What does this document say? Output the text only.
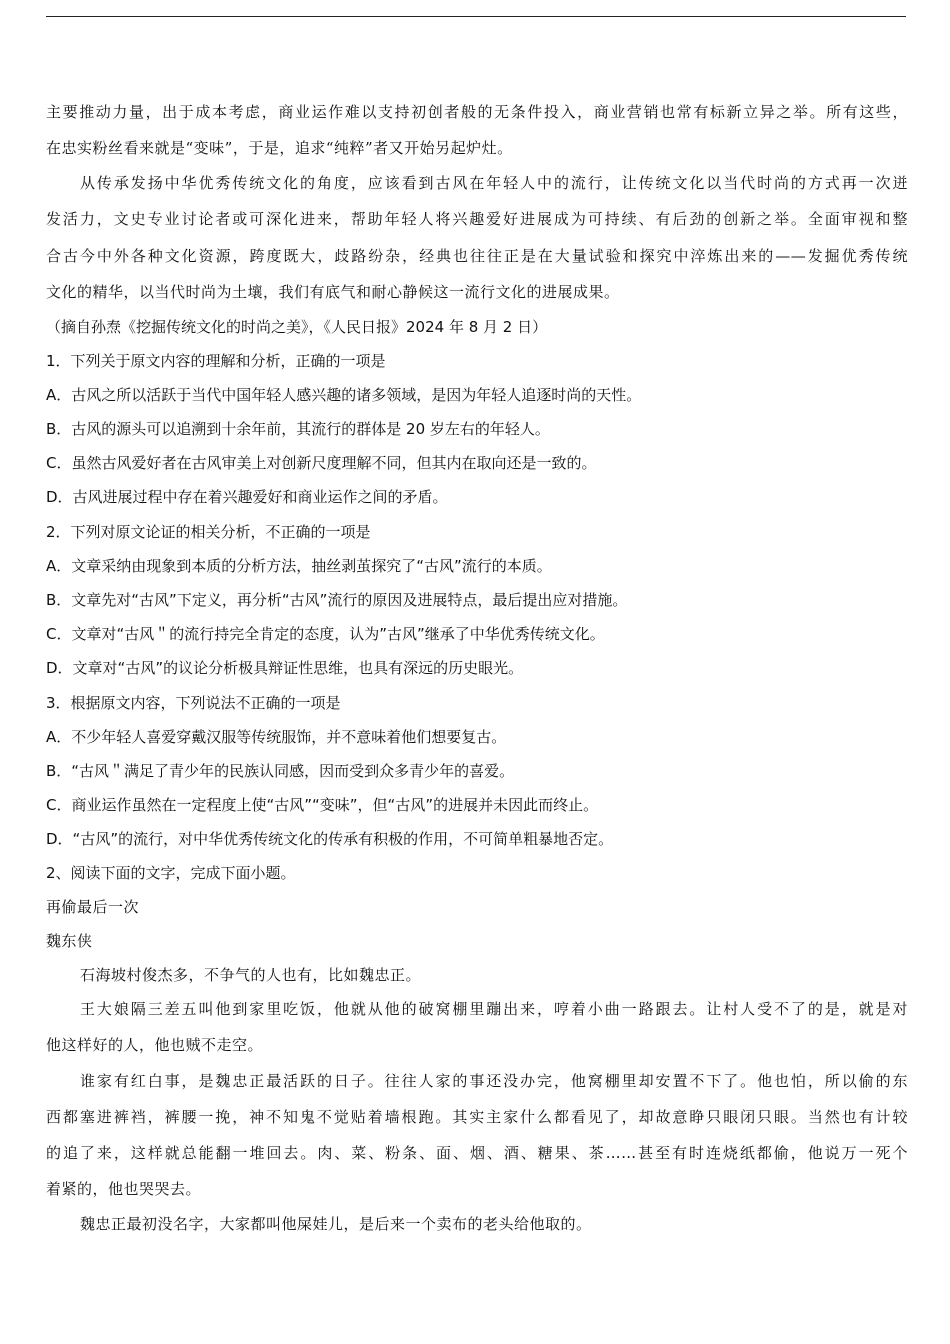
主要推动力量，出于成本考虑，商业运作难以支持初创者般的无条件投入，商业营销也常有标新立异之举。所有这些，

在忠实粉丝看来就是“变味”，于是，追求“纯粹”者又开始另起炉灶。

从传承发扬中华优秀传统文化的角度，应该看到古风在年轻人中的流行，让传统文化以当代时尚的方式再一次迸

发活力，文史专业讨论者或可深化进来，帮助年轻人将兴趣爱好进展成为可持续、有后劲的创新之举。全面审视和整

合古今中外各种文化资源，跨度既大，歧路纷杂，经典也往往正是在大量试验和探究中淬炼出来的——发掘优秀传统

文化的精华，以当代时尚为土壤，我们有底气和耐心静候这一流行文化的进展成果。

（摘自孙焘《挖掘传统文化的时尚之美》，《人民日报》2024 年 8 月 2 日）

1．下列关于原文内容的理解和分析，正确的一项是

A．古风之所以活跃于当代中国年轻人感兴趣的诸多领域，是因为年轻人追逐时尚的天性。

B．古风的源头可以追溯到十余年前，其流行的群体是 20 岁左右的年轻人。

C．虽然古风爱好者在古风审美上对创新尺度理解不同，但其内在取向还是一致的。

D．古风进展过程中存在着兴趣爱好和商业运作之间的矛盾。

2．下列对原文论证的相关分析，不正确的一项是

A．文章采纳由现象到本质的分析方法，抽丝剥茧探究了“古风”流行的本质。

B．文章先对“古风”下定义，再分析“古风”流行的原因及进展特点，最后提出应对措施。

C．文章对“古风＂的流行持完全肯定的态度，认为”古风”继承了中华优秀传统文化。

D．文章对“古风”的议论分析极具辩证性思维，也具有深远的历史眼光。

3．根据原文内容，下列说法不正确的一项是

A．不少年轻人喜爱穿戴汉服等传统服饰，并不意味着他们想要复古。

B．“古风＂满足了青少年的民族认同感，因而受到众多青少年的喜爱。

C．商业运作虽然在一定程度上使“古风”“变味”，但“古风”的进展并未因此而终止。

D．“古风”的流行，对中华优秀传统文化的传承有积极的作用，不可简单粗暴地否定。

2、阅读下面的文字，完成下面小题。

再偷最后一次

魏东侠

石海坡村俊杰多，不争气的人也有，比如魏忠正。

王大娘隔三差五叫他到家里吃饭，他就从他的破窝棚里蹦出来，哼着小曲一路跟去。让村人受不了的是，就是对

他这样好的人，他也贼不走空。

谁家有红白事，是魏忠正最活跃的日子。往往人家的事还没办完，他窝棚里却安置不下了。他也怕，所以偷的东

西都塞进裤裆，裤腰一挽，神不知鬼不觉贴着墙根跑。其实主家什么都看见了，却故意睁只眼闭只眼。当然也有计较

的追了来，这样就总能翻一堆回去。肉、菜、粉条、面、烟、酒、糖果、茶……甚至有时连烧纸都偷，他说万一死个

着紧的，他也哭哭去。

魏忠正最初没名字，大家都叫他屎娃儿，是后来一个卖布的老头给他取的。
